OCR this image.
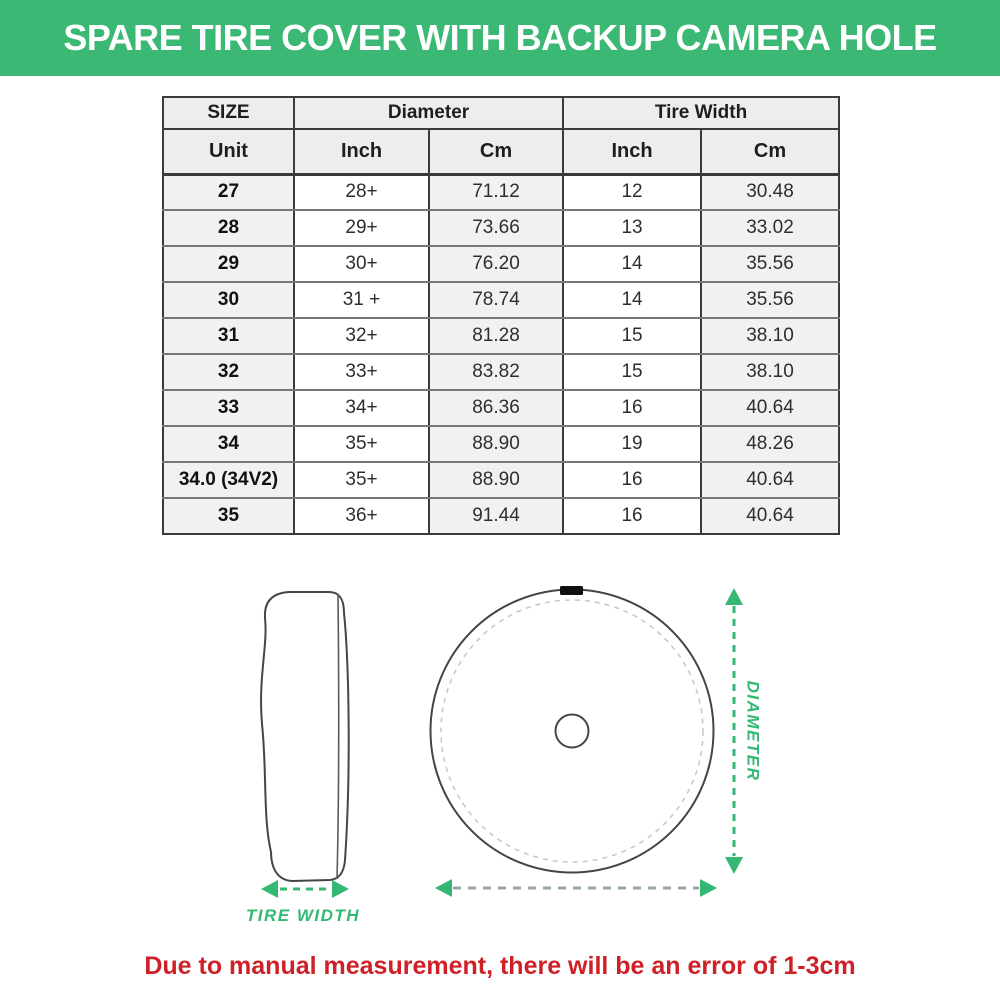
SPARE TIRE COVER WITH BACKUP CAMERA HOLE
SIZE	Diameter		Tire Width	
Unit	Inch	Cm	Inch	Cm
27	28+	71.12	12	30.48
28	29+	73.66	13	33.02
29	30+	76.20	14	35.56
30	31 +	78.74	14	35.56
31	32+	81.28	15	38.10
32	33+	83.82	15	38.10
33	34+	86.36	16	40.64
34	35+	88.90	19	48.26
34.0 (34V2)	35+	88.90	16	40.64
35	36+	91.44	16	40.64
TIRE WIDTH
DIAMETER
Due to manual measurement, there will be an error of 1-3cm
